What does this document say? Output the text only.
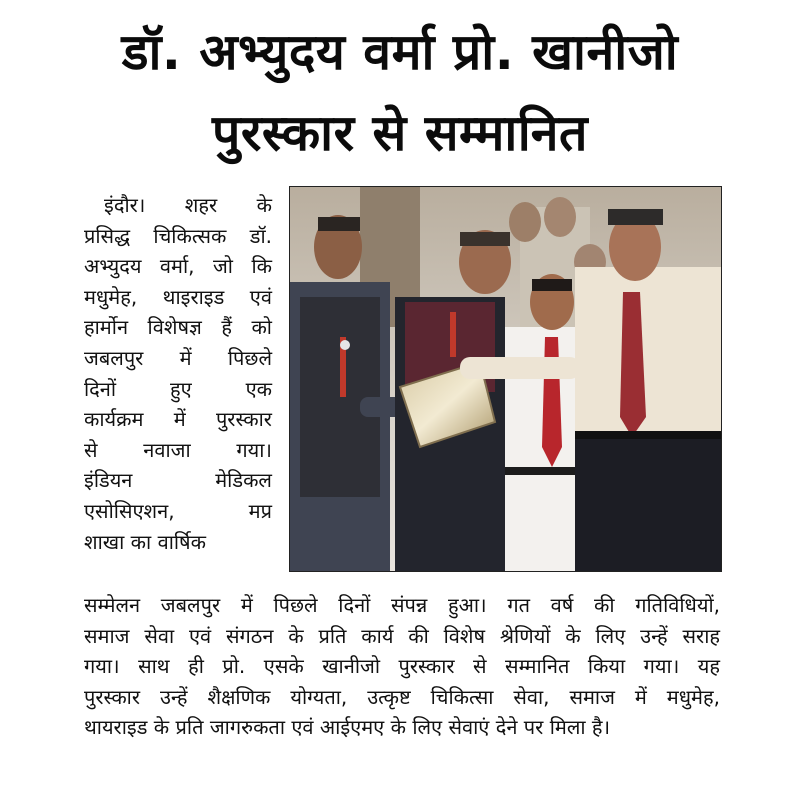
डॉ. अभ्युदय वर्मा प्रो. खानीजो
पुरस्कार से सम्मानित
इंदौर। शहर के
प्रसिद्ध चिकित्सक डॉ.
अभ्युदय वर्मा, जो कि
मधुमेह, थाइराइड एवं
हार्मोन विशेषज्ञ हैं को
जबलपुर में पिछले
दिनों हुए एक
कार्यक्रम में पुरस्कार
से नवाजा गया।
इंडियन मेडिकल
एसोसिएशन, मप्र
शाखा का वार्षिक
सम्मेलन जबलपुर में पिछले दिनों संपन्न हुआ। गत वर्ष की गतिविधियों,
समाज सेवा एवं संगठन के प्रति कार्य की विशेष श्रेणियों के लिए उन्हें सराह
गया। साथ ही प्रो. एसके खानीजो पुरस्कार से सम्मानित किया गया। यह
पुरस्कार उन्हें शैक्षणिक योग्यता, उत्कृष्ट चिकित्सा सेवा, समाज में मधुमेह,
थायराइड के प्रति जागरुकता एवं आईएमए के लिए सेवाएं देने पर मिला है।
